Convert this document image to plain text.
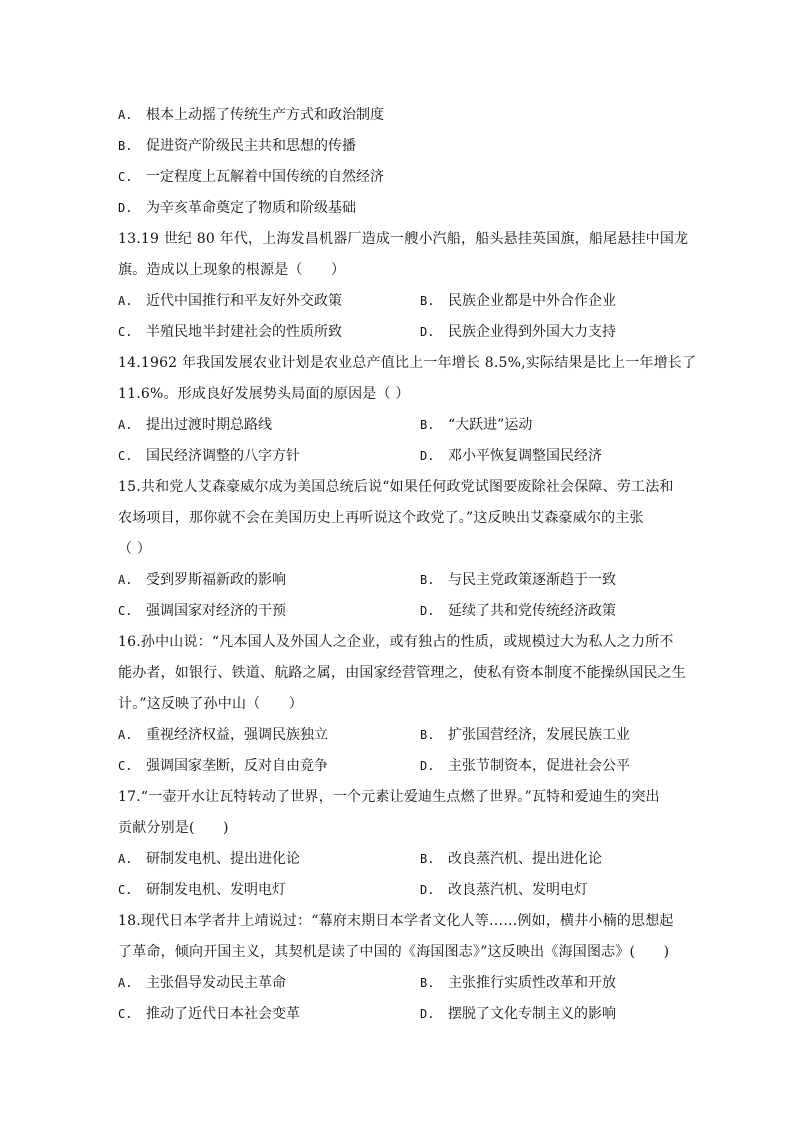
A. 根本上动摇了传统生产方式和政治制度
B. 促进资产阶级民主共和思想的传播
C. 一定程度上瓦解着中国传统的自然经济
D. 为辛亥革命奠定了物质和阶级基础
13.19 世纪 80 年代，上海发昌机器厂造成一艘小汽船，船头悬挂英国旗，船尾悬挂中国龙
旗。造成以上现象的根源是（　　）
A. 近代中国推行和平友好外交政策	B. 民族企业都是中外合作企业
C. 半殖民地半封建社会的性质所致	D. 民族企业得到外国大力支持
14.1962 年我国发展农业计划是农业总产值比上一年增长 8.5%,实际结果是比上一年增长了
11.6%。形成良好发展势头局面的原因是（ ）
A. 提出过渡时期总路线	B. “大跃进”运动
C. 国民经济调整的八字方针	D. 邓小平恢复调整国民经济
15.共和党人艾森豪威尔成为美国总统后说“如果任何政党试图要废除社会保障、劳工法和
农场项目，那你就不会在美国历史上再听说这个政党了。”这反映出艾森豪威尔的主张
（ ）
A. 受到罗斯福新政的影响	B. 与民主党政策逐渐趋于一致
C. 强调国家对经济的干预	D. 延续了共和党传统经济政策
16.孙中山说：“凡本国人及外国人之企业，或有独占的性质，或规模过大为私人之力所不
能办者，如银行、铁道、航路之属，由国家经营管理之，使私有资本制度不能操纵国民之生
计。”这反映了孙中山（　　）
A. 重视经济权益，强调民族独立	B. 扩张国营经济，发展民族工业
C. 强调国家垄断，反对自由竞争	D. 主张节制资本，促进社会公平
17.“一壶开水让瓦特转动了世界，一个元素让爱迪生点燃了世界。”瓦特和爱迪生的突出
贡献分别是(　　)
A. 研制发电机、提出进化论	B. 改良蒸汽机、提出进化论
C. 研制发电机、发明电灯	D. 改良蒸汽机、发明电灯
18.现代日本学者井上靖说过：“幕府末期日本学者文化人等……例如，横井小楠的思想起
了革命，倾向开国主义，其契机是读了中国的《海国图志》”这反映出《海国图志》(　　)
A. 主张倡导发动民主革命	B. 主张推行实质性改革和开放
C. 推动了近代日本社会变革	D. 摆脱了文化专制主义的影响
